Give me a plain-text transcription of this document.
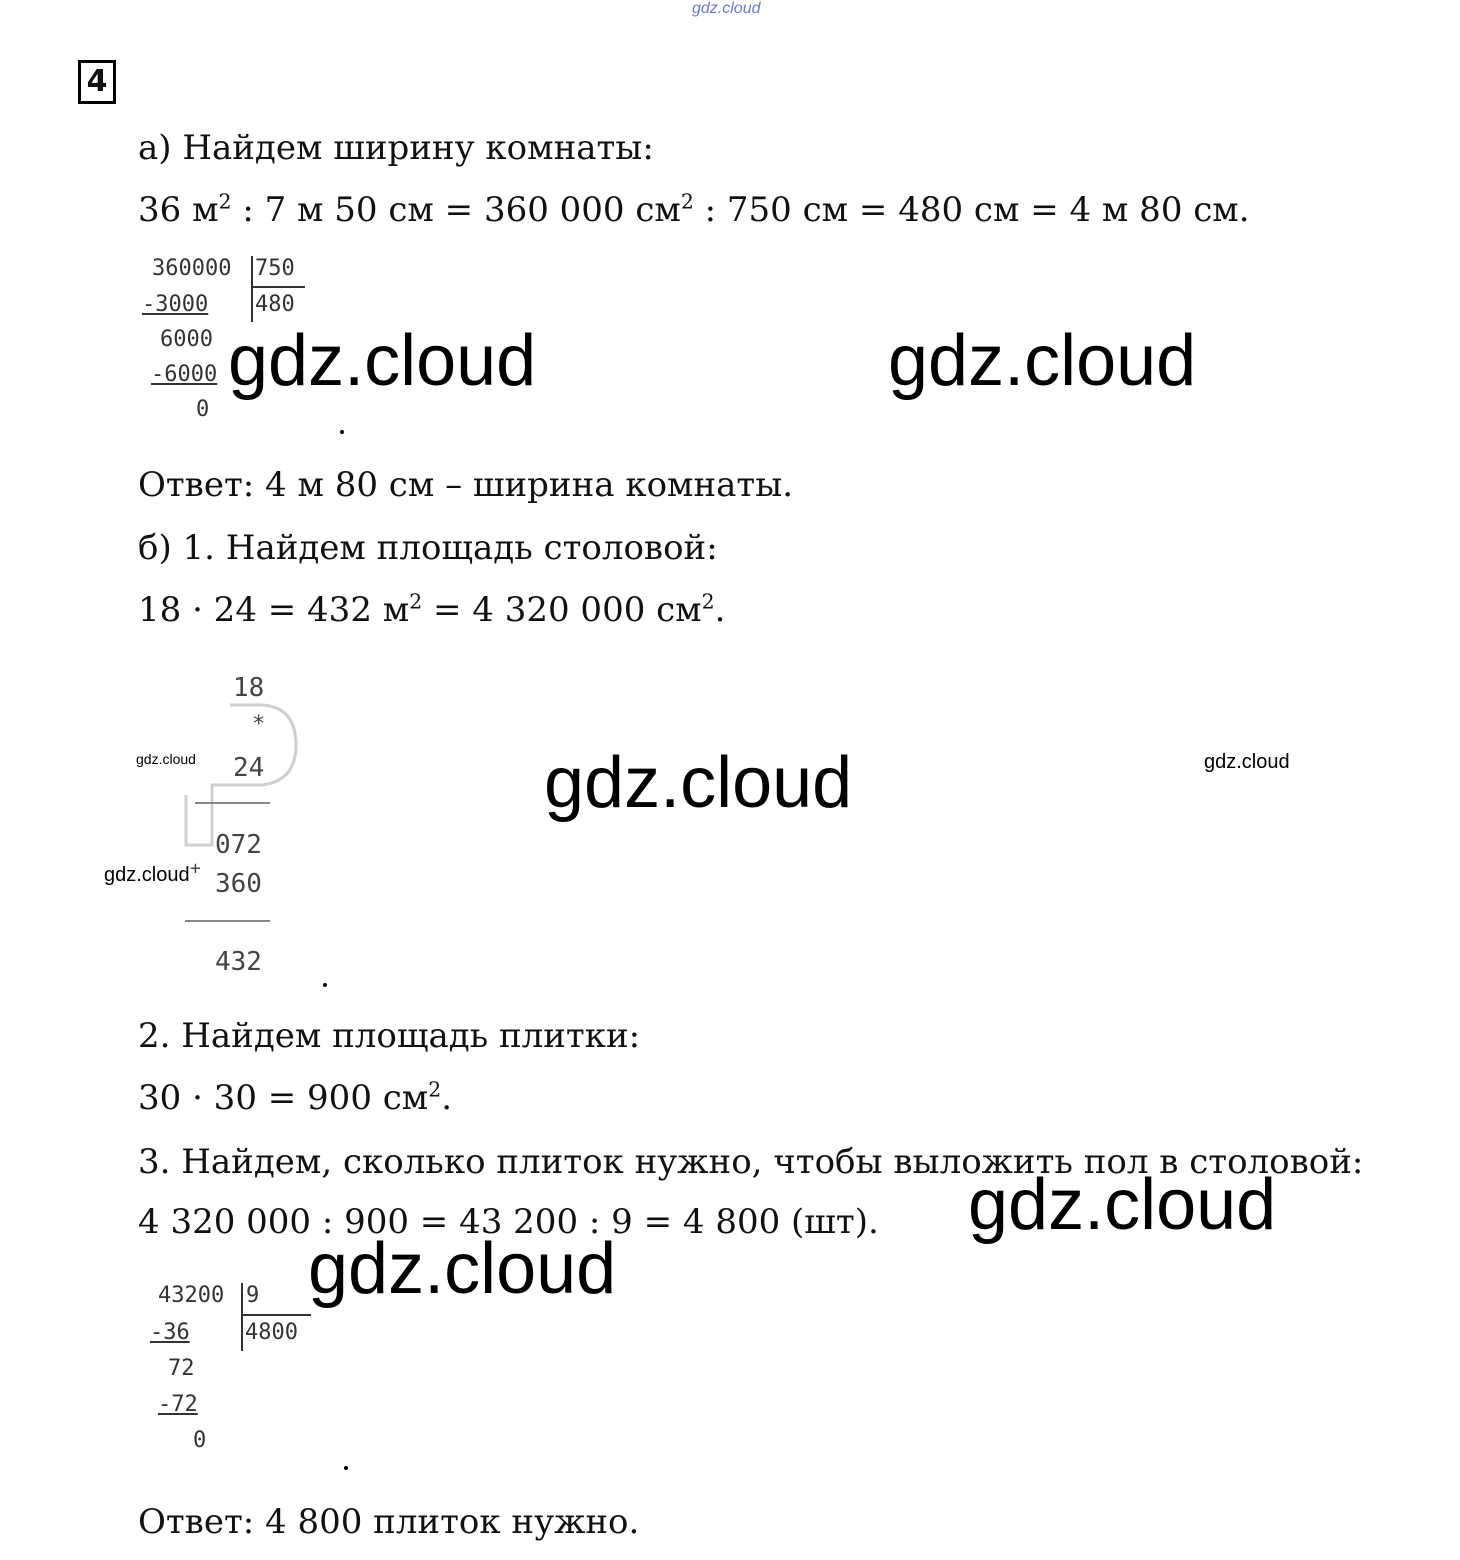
gdz.cloud
4
а) Найдем ширину комнаты:
36 $м^2$ : 7 м 50 см = 360 000 $см^2$ : 750 см = 480 см = 4 м 80 см.
360000 750
480
-3000
6000
-6000
0
gdz.cloud	gdz.cloud
Ответ: 4 м 80 см – ширина комнаты.
б) 1. Найдем площадь столовой:
18 · 24 = 432 $м^2 = 4$ 320 000 $см^2$.
18
*
24
072
+
360
432
gdz.cloud
gdz.cloud
gdz.cloud
gdz.cloud
2. Найдем площадь плитки:
30 · 30 = 900 $см^2$.
3. Найдем, сколько плиток нужно, чтобы выложить пол в столовой:
4 320 000 : 900 = 43 200 : 9 = 4 800 (шт). gdz.cloud
43200 9
4800
-36
72
-72
0
gdz.cloud
Ответ: 4 800 плиток нужно.
